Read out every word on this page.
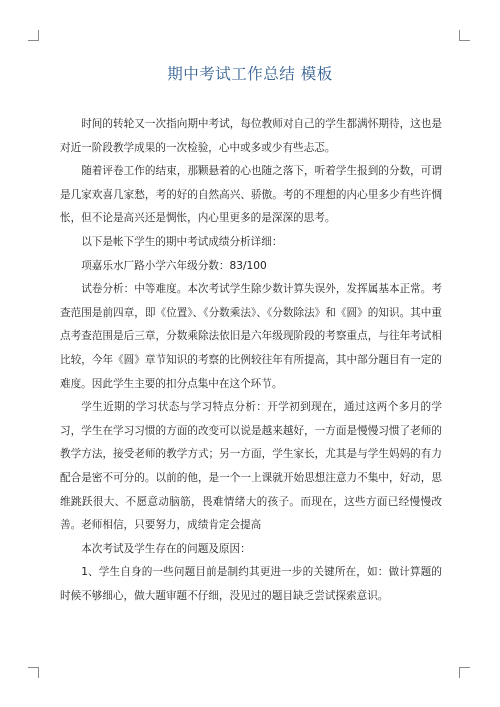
期中考试工作总结 模板

时间的转轮又一次指向期中考试，每位教师对自己的学生都满怀期待，这也是对近一阶段教学成果的一次检验，心中或多或少有些忐忑。

随着评卷工作的结束，那颗悬着的心也随之落下，听着学生报到的分数，可谓是几家欢喜几家愁，考的好的自然高兴、骄傲。考的不理想的内心里多少有些许惆怅，但不论是高兴还是惆怅，内心里更多的是深深的思考。

以下是帐下学生的期中考试成绩分析详细：

项嘉乐水厂路小学六年级分数：83/100

试卷分析：中等难度。本次考试学生除少数计算失误外，发挥属基本正常。考查范围是前四章，即《位置》、《分数乘法》、《分数除法》和《圆》的知识。其中重点考查范围是后三章，分数乘除法依旧是六年级现阶段的考察重点，与往年考试相比较，今年《圆》章节知识的考察的比例较往年有所提高，其中部分题目有一定的难度。因此学生主要的扣分点集中在这个环节。

学生近期的学习状态与学习特点分析：开学初到现在，通过这两个多月的学习，学生在学习习惯的方面的改变可以说是越来越好，一方面是慢慢习惯了老师的教学方法，接受老师的教学方式；另一方面，学生家长，尤其是与学生妈妈的有力配合是密不可分的。以前的他，是一个一上课就开始思想注意力不集中，好动，思维跳跃很大、不愿意动脑筋，畏难情绪大的孩子。而现在，这些方面已经慢慢改善。老师相信，只要努力，成绩肯定会提高

本次考试及学生存在的问题及原因：

1、学生自身的一些问题目前是制约其更进一步的关键所在，如：做计算题的时候不够细心，做大题审题不仔细，没见过的题目缺乏尝试探索意识。
